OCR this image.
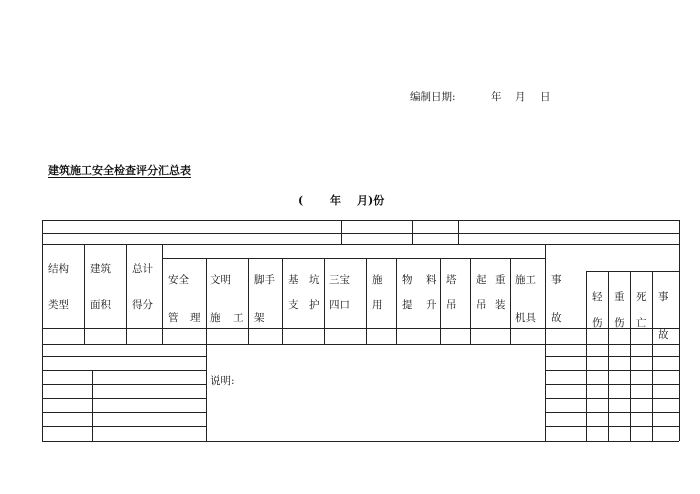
编制日期:	年 月 日
建筑施工安全检查评分汇总表
( 年 月)份
结构
类型
建筑
面积
总计
得分
安全
管 理
文明
施 工
脚手
架
基 坑
支 护
三宝
四口
施
用
物 料
提 升
塔
吊
起 重
吊 装
施工
机具
事
故
轻
伤
重
伤
死
亡
事
故
说明:
